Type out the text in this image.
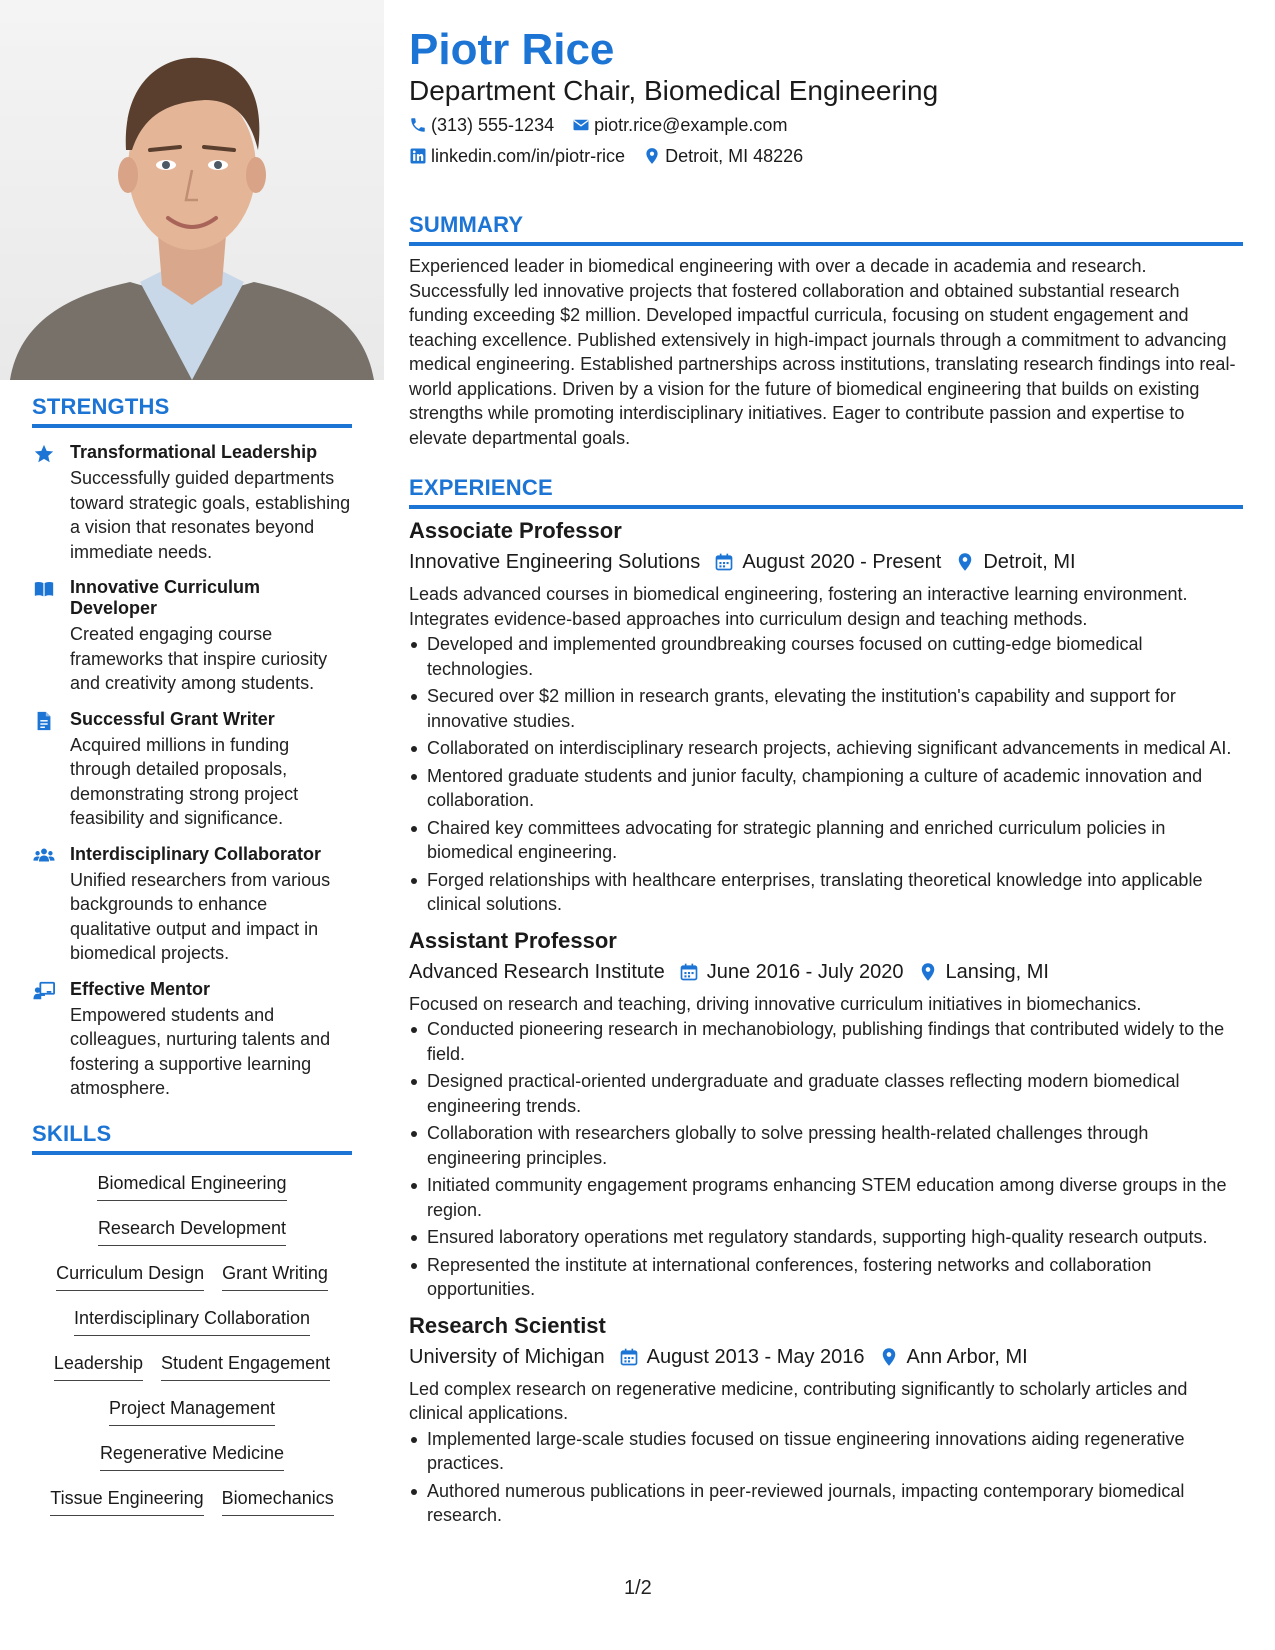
STRENGTHS
Transformational Leadership
Successfully guided departments toward strategic goals, establishing a vision that resonates beyond immediate needs.
Innovative Curriculum Developer
Created engaging course frameworks that inspire curiosity and creativity among students.
Successful Grant Writer
Acquired millions in funding through detailed proposals, demonstrating strong project feasibility and significance.
Interdisciplinary Collaborator
Unified researchers from various backgrounds to enhance qualitative output and impact in biomedical projects.
Effective Mentor
Empowered students and colleagues, nurturing talents and fostering a supportive learning atmosphere.
SKILLS
Biomedical Engineering
Research Development
Curriculum Design Grant Writing
Interdisciplinary Collaboration
Leadership Student Engagement
Project Management
Regenerative Medicine
Tissue Engineering Biomechanics
Piotr Rice
Department Chair, Biomedical Engineering
(313) 555-1234 piotr.rice@example.com
linkedin.com/in/piotr-rice Detroit, MI 48226
SUMMARY
Experienced leader in biomedical engineering with over a decade in academia and research. Successfully led innovative projects that fostered collaboration and obtained substantial research funding exceeding $2 million. Developed impactful curricula, focusing on student engagement and teaching excellence. Published extensively in high-impact journals through a commitment to advancing medical engineering. Established partnerships across institutions, translating research findings into real-world applications. Driven by a vision for the future of biomedical engineering that builds on existing strengths while promoting interdisciplinary initiatives. Eager to contribute passion and expertise to elevate departmental goals.
EXPERIENCE
Associate Professor
Innovative Engineering Solutions August 2020 - Present Detroit, MI
Leads advanced courses in biomedical engineering, fostering an interactive learning environment. Integrates evidence-based approaches into curriculum design and teaching methods.
Developed and implemented groundbreaking courses focused on cutting-edge biomedical technologies.
Secured over $2 million in research grants, elevating the institution's capability and support for innovative studies.
Collaborated on interdisciplinary research projects, achieving significant advancements in medical AI.
Mentored graduate students and junior faculty, championing a culture of academic innovation and collaboration.
Chaired key committees advocating for strategic planning and enriched curriculum policies in biomedical engineering.
Forged relationships with healthcare enterprises, translating theoretical knowledge into applicable clinical solutions.
Assistant Professor
Advanced Research Institute June 2016 - July 2020 Lansing, MI
Focused on research and teaching, driving innovative curriculum initiatives in biomechanics.
Conducted pioneering research in mechanobiology, publishing findings that contributed widely to the field.
Designed practical-oriented undergraduate and graduate classes reflecting modern biomedical engineering trends.
Collaboration with researchers globally to solve pressing health-related challenges through engineering principles.
Initiated community engagement programs enhancing STEM education among diverse groups in the region.
Ensured laboratory operations met regulatory standards, supporting high-quality research outputs.
Represented the institute at international conferences, fostering networks and collaboration opportunities.
Research Scientist
University of Michigan August 2013 - May 2016 Ann Arbor, MI
Led complex research on regenerative medicine, contributing significantly to scholarly articles and clinical applications.
Implemented large-scale studies focused on tissue engineering innovations aiding regenerative practices.
Authored numerous publications in peer-reviewed journals, impacting contemporary biomedical research.
1/2
